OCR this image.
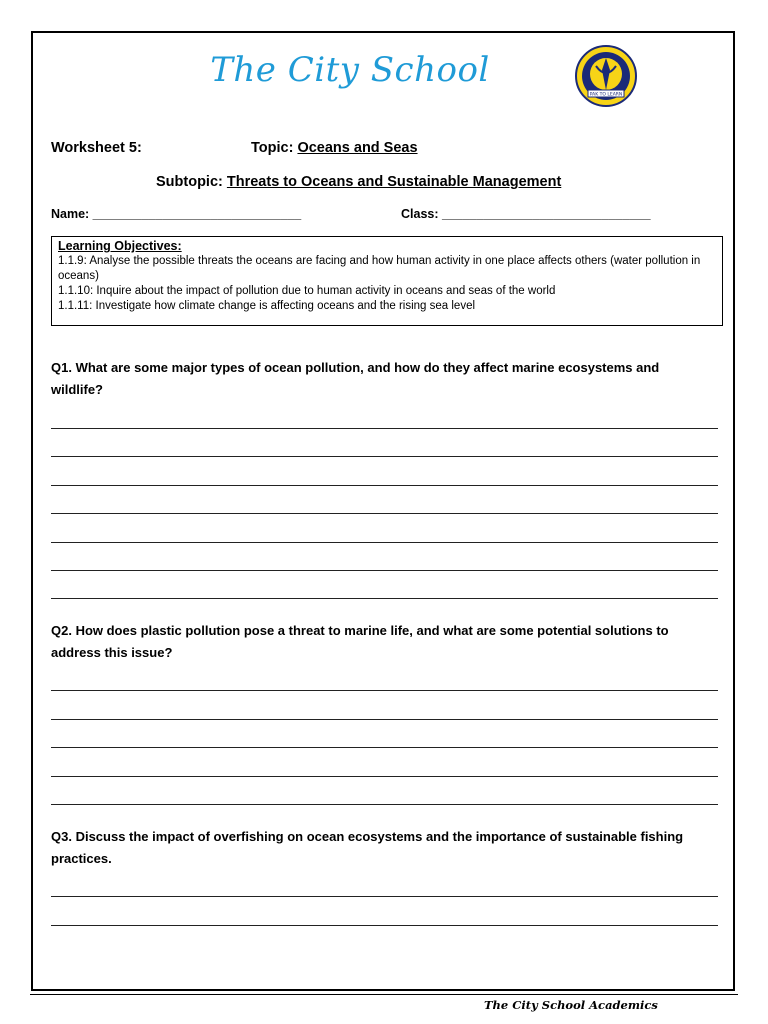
The City School
PAK TO LEARN
Worksheet 5:	Topic: Oceans and Seas
Subtopic: Threats to Oceans and Sustainable Management
Name: ______________________________	Class: ______________________________
Learning Objectives:
1.1.9: Analyse the possible threats the oceans are facing and how human activity in one place affects others (water pollution in oceans)
1.1.10: Inquire about the impact of pollution due to human activity in oceans and seas of the world
1.1.11: Investigate how climate change is affecting oceans and the rising sea level
Q1. What are some major types of ocean pollution, and how do they affect marine ecosystems and wildlife?
Q2. How does plastic pollution pose a threat to marine life, and what are some potential solutions to address this issue?
Q3. Discuss the impact of overfishing on ocean ecosystems and the importance of sustainable fishing practices.
The City School Academics
